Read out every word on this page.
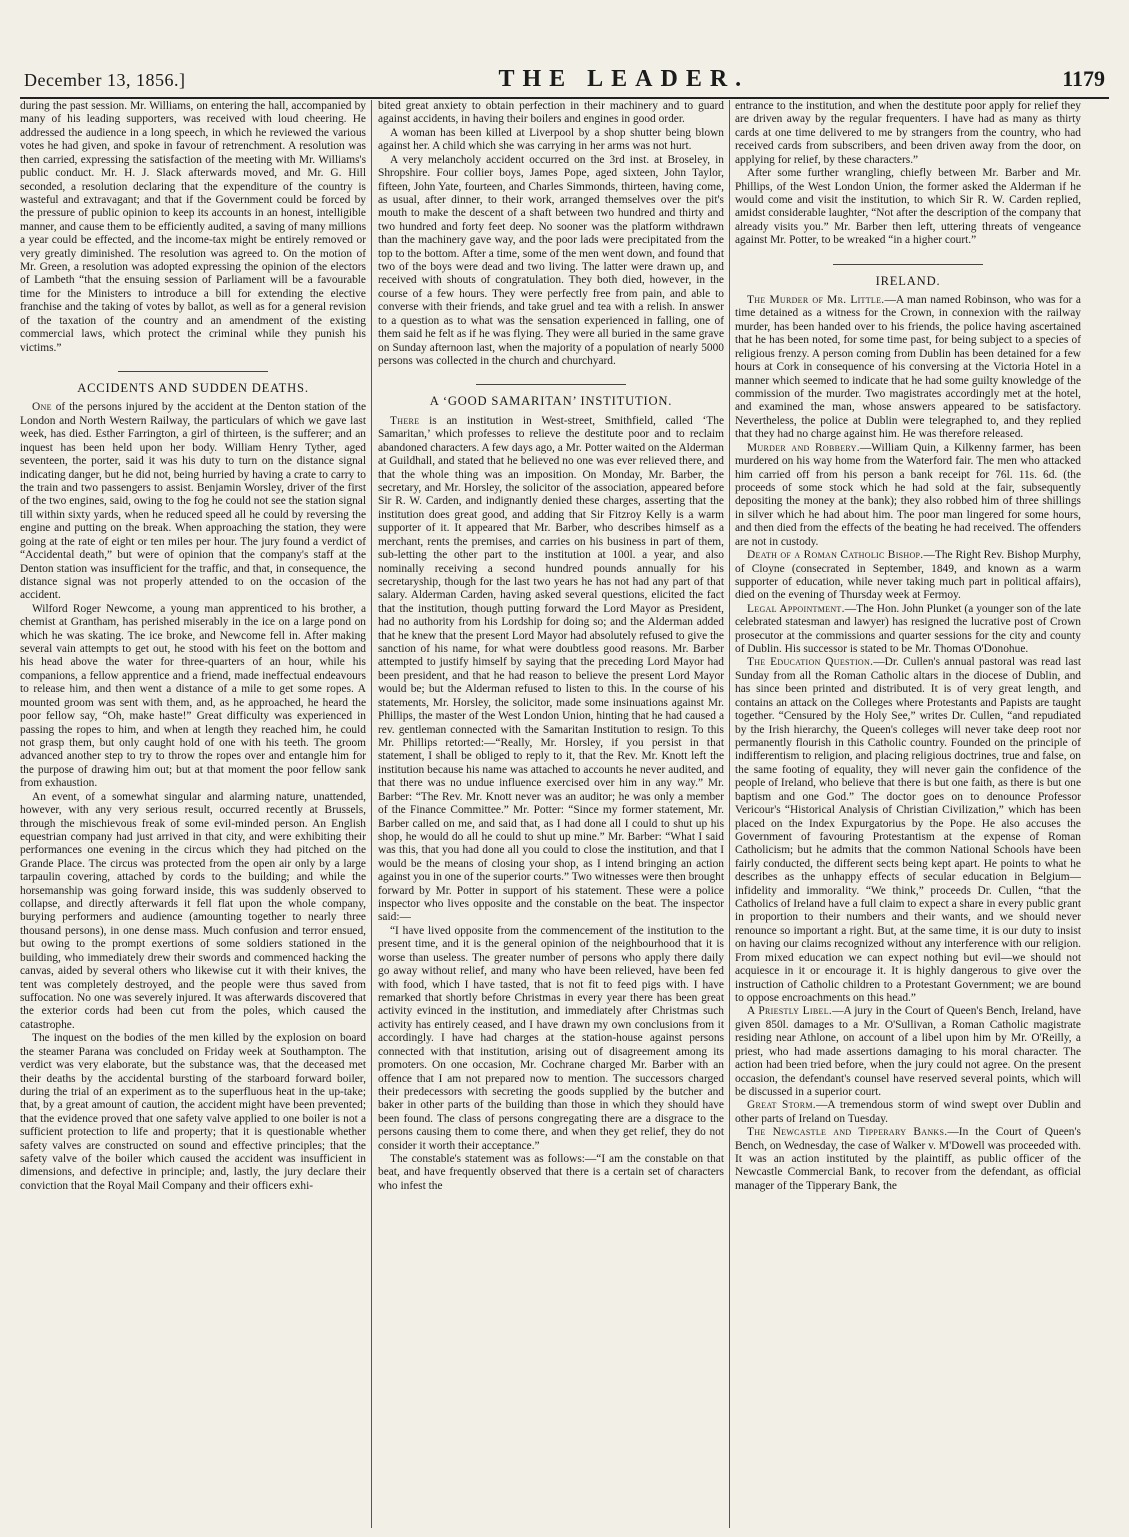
December 13, 1856.]	THE LEADER.	1179

during the past session. Mr. Williams, on entering the hall, accompanied by many of his leading supporters, was received with loud cheering. He addressed the audience in a long speech, in which he reviewed the various votes he had given, and spoke in favour of retrenchment. A resolution was then carried, expressing the satisfaction of the meeting with Mr. Williams's public conduct. Mr. H. J. Slack afterwards moved, and Mr. G. Hill seconded, a resolution declaring that the expenditure of the country is wasteful and extravagant; and that if the Government could be forced by the pressure of public opinion to keep its accounts in an honest, intelligible manner, and cause them to be efficiently audited, a saving of many millions a year could be effected, and the income-tax might be entirely removed or very greatly diminished. The resolution was agreed to. On the motion of Mr. Green, a resolution was adopted expressing the opinion of the electors of Lambeth “that the ensuing session of Parliament will be a favourable time for the Ministers to introduce a bill for extending the elective franchise and the taking of votes by ballot, as well as for a general revision of the taxation of the country and an amendment of the existing commercial laws, which protect the criminal while they punish his victims.”

ACCIDENTS AND SUDDEN DEATHS.

One of the persons injured by the accident at the Denton station of the London and North Western Railway, the particulars of which we gave last week, has died. Esther Farrington, a girl of thirteen, is the sufferer; and an inquest has been held upon her body. William Henry Tyther, aged seventeen, the porter, said it was his duty to turn on the distance signal indicating danger, but he did not, being hurried by having a crate to carry to the train and two passengers to assist. Benjamin Worsley, driver of the first of the two engines, said, owing to the fog he could not see the station signal till within sixty yards, when he reduced speed all he could by reversing the engine and putting on the break. When approaching the station, they were going at the rate of eight or ten miles per hour. The jury found a verdict of “Accidental death,” but were of opinion that the company's staff at the Denton station was insufficient for the traffic, and that, in consequence, the distance signal was not properly attended to on the occasion of the accident.

Wilford Roger Newcome, a young man apprenticed to his brother, a chemist at Grantham, has perished miserably in the ice on a large pond on which he was skating. The ice broke, and Newcome fell in. After making several vain attempts to get out, he stood with his feet on the bottom and his head above the water for three-quarters of an hour, while his companions, a fellow apprentice and a friend, made ineffectual endeavours to release him, and then went a distance of a mile to get some ropes. A mounted groom was sent with them, and, as he approached, he heard the poor fellow say, “Oh, make haste!” Great difficulty was experienced in passing the ropes to him, and when at length they reached him, he could not grasp them, but only caught hold of one with his teeth. The groom advanced another step to try to throw the ropes over and entangle him for the purpose of drawing him out; but at that moment the poor fellow sank from exhaustion.

An event, of a somewhat singular and alarming nature, unattended, however, with any very serious result, occurred recently at Brussels, through the mischievous freak of some evil-minded person. An English equestrian company had just arrived in that city, and were exhibiting their performances one evening in the circus which they had pitched on the Grande Place. The circus was protected from the open air only by a large tarpaulin covering, attached by cords to the building; and while the horsemanship was going forward inside, this was suddenly observed to collapse, and directly afterwards it fell flat upon the whole company, burying performers and audience (amounting together to nearly three thousand persons), in one dense mass. Much confusion and terror ensued, but owing to the prompt exertions of some soldiers stationed in the building, who immediately drew their swords and commenced hacking the canvas, aided by several others who likewise cut it with their knives, the tent was completely destroyed, and the people were thus saved from suffocation. No one was severely injured. It was afterwards discovered that the exterior cords had been cut from the poles, which caused the catastrophe.

The inquest on the bodies of the men killed by the explosion on board the steamer Parana was concluded on Friday week at Southampton. The verdict was very elaborate, but the substance was, that the deceased met their deaths by the accidental bursting of the starboard forward boiler, during the trial of an experiment as to the superfluous heat in the up-take; that, by a great amount of caution, the accident might have been prevented; that the evidence proved that one safety valve applied to one boiler is not a sufficient protection to life and property; that it is questionable whether safety valves are constructed on sound and effective principles; that the safety valve of the boiler which caused the accident was insufficient in dimensions, and defective in principle; and, lastly, the jury declare their conviction that the Royal Mail Company and their officers exhi-

bited great anxiety to obtain perfection in their machinery and to guard against accidents, in having their boilers and engines in good order.

A woman has been killed at Liverpool by a shop shutter being blown against her. A child which she was carrying in her arms was not hurt.

A very melancholy accident occurred on the 3rd inst. at Broseley, in Shropshire. Four collier boys, James Pope, aged sixteen, John Taylor, fifteen, John Yate, fourteen, and Charles Simmonds, thirteen, having come, as usual, after dinner, to their work, arranged themselves over the pit's mouth to make the descent of a shaft between two hundred and thirty and two hundred and forty feet deep. No sooner was the platform withdrawn than the machinery gave way, and the poor lads were precipitated from the top to the bottom. After a time, some of the men went down, and found that two of the boys were dead and two living. The latter were drawn up, and received with shouts of congratulation. They both died, however, in the course of a few hours. They were perfectly free from pain, and able to converse with their friends, and take gruel and tea with a relish. In answer to a question as to what was the sensation experienced in falling, one of them said he felt as if he was flying. They were all buried in the same grave on Sunday afternoon last, when the majority of a population of nearly 5000 persons was collected in the church and churchyard.

A ‘GOOD SAMARITAN’ INSTITUTION.

There is an institution in West-street, Smithfield, called ‘The Samaritan,’ which professes to relieve the destitute poor and to reclaim abandoned characters. A few days ago, a Mr. Potter waited on the Alderman at Guildhall, and stated that he believed no one was ever relieved there, and that the whole thing was an imposition. On Monday, Mr. Barber, the secretary, and Mr. Horsley, the solicitor of the association, appeared before Sir R. W. Carden, and indignantly denied these charges, asserting that the institution does great good, and adding that Sir Fitzroy Kelly is a warm supporter of it. It appeared that Mr. Barber, who describes himself as a merchant, rents the premises, and carries on his business in part of them, sub-letting the other part to the institution at 100l. a year, and also nominally receiving a second hundred pounds annually for his secretaryship, though for the last two years he has not had any part of that salary. Alderman Carden, having asked several questions, elicited the fact that the institution, though putting forward the Lord Mayor as President, had no authority from his Lordship for doing so; and the Alderman added that he knew that the present Lord Mayor had absolutely refused to give the sanction of his name, for what were doubtless good reasons. Mr. Barber attempted to justify himself by saying that the preceding Lord Mayor had been president, and that he had reason to believe the present Lord Mayor would be; but the Alderman refused to listen to this. In the course of his statements, Mr. Horsley, the solicitor, made some insinuations against Mr. Phillips, the master of the West London Union, hinting that he had caused a rev. gentleman connected with the Samaritan Institution to resign. To this Mr. Phillips retorted:—“Really, Mr. Horsley, if you persist in that statement, I shall be obliged to reply to it, that the Rev. Mr. Knott left the institution because his name was attached to accounts he never audited, and that there was no undue influence exercised over him in any way.” Mr. Barber: “The Rev. Mr. Knott never was an auditor; he was only a member of the Finance Committee.” Mr. Potter: “Since my former statement, Mr. Barber called on me, and said that, as I had done all I could to shut up his shop, he would do all he could to shut up mine.” Mr. Barber: “What I said was this, that you had done all you could to close the institution, and that I would be the means of closing your shop, as I intend bringing an action against you in one of the superior courts.” Two witnesses were then brought forward by Mr. Potter in support of his statement. These were a police inspector who lives opposite and the constable on the beat. The inspector said:—

“I have lived opposite from the commencement of the institution to the present time, and it is the general opinion of the neighbourhood that it is worse than useless. The greater number of persons who apply there daily go away without relief, and many who have been relieved, have been fed with food, which I have tasted, that is not fit to feed pigs with. I have remarked that shortly before Christmas in every year there has been great activity evinced in the institution, and immediately after Christmas such activity has entirely ceased, and I have drawn my own conclusions from it accordingly. I have had charges at the station-house against persons connected with that institution, arising out of disagreement among its promoters. On one occasion, Mr. Cochrane charged Mr. Barber with an offence that I am not prepared now to mention. The successors charged their predecessors with secreting the goods supplied by the butcher and baker in other parts of the building than those in which they should have been found. The class of persons congregating there are a disgrace to the persons causing them to come there, and when they get relief, they do not consider it worth their acceptance.”

The constable's statement was as follows:—“I am the constable on that beat, and have frequently observed that there is a certain set of characters who infest the

entrance to the institution, and when the destitute poor apply for relief they are driven away by the regular frequenters. I have had as many as thirty cards at one time delivered to me by strangers from the country, who had received cards from subscribers, and been driven away from the door, on applying for relief, by these characters.”

After some further wrangling, chiefly between Mr. Barber and Mr. Phillips, of the West London Union, the former asked the Alderman if he would come and visit the institution, to which Sir R. W. Carden replied, amidst considerable laughter, “Not after the description of the company that already visits you.” Mr. Barber then left, uttering threats of vengeance against Mr. Potter, to be wreaked “in a higher court.”

IRELAND.

The Murder of Mr. Little.—A man named Robinson, who was for a time detained as a witness for the Crown, in connexion with the railway murder, has been handed over to his friends, the police having ascertained that he has been noted, for some time past, for being subject to a species of religious frenzy. A person coming from Dublin has been detained for a few hours at Cork in consequence of his conversing at the Victoria Hotel in a manner which seemed to indicate that he had some guilty knowledge of the commission of the murder. Two magistrates accordingly met at the hotel, and examined the man, whose answers appeared to be satisfactory. Nevertheless, the police at Dublin were telegraphed to, and they replied that they had no charge against him. He was therefore released.

Murder and Robbery.—William Quin, a Kilkenny farmer, has been murdered on his way home from the Waterford fair. The men who attacked him carried off from his person a bank receipt for 76l. 11s. 6d. (the proceeds of some stock which he had sold at the fair, subsequently depositing the money at the bank); they also robbed him of three shillings in silver which he had about him. The poor man lingered for some hours, and then died from the effects of the beating he had received. The offenders are not in custody.

Death of a Roman Catholic Bishop.—The Right Rev. Bishop Murphy, of Cloyne (consecrated in September, 1849, and known as a warm supporter of education, while never taking much part in political affairs), died on the evening of Thursday week at Fermoy.

Legal Appointment.—The Hon. John Plunket (a younger son of the late celebrated statesman and lawyer) has resigned the lucrative post of Crown prosecutor at the commissions and quarter sessions for the city and county of Dublin. His successor is stated to be Mr. Thomas O'Donohue.

The Education Question.—Dr. Cullen's annual pastoral was read last Sunday from all the Roman Catholic altars in the diocese of Dublin, and has since been printed and distributed. It is of very great length, and contains an attack on the Colleges where Protestants and Papists are taught together. “Censured by the Holy See,” writes Dr. Cullen, “and repudiated by the Irish hierarchy, the Queen's colleges will never take deep root nor permanently flourish in this Catholic country. Founded on the principle of indifferentism to religion, and placing religious doctrines, true and false, on the same footing of equality, they will never gain the confidence of the people of Ireland, who believe that there is but one faith, as there is but one baptism and one God.” The doctor goes on to denounce Professor Vericour's “Historical Analysis of Christian Civilization,” which has been placed on the Index Expurgatorius by the Pope. He also accuses the Government of favouring Protestantism at the expense of Roman Catholicism; but he admits that the common National Schools have been fairly conducted, the different sects being kept apart. He points to what he describes as the unhappy effects of secular education in Belgium—infidelity and immorality. “We think,” proceeds Dr. Cullen, “that the Catholics of Ireland have a full claim to expect a share in every public grant in proportion to their numbers and their wants, and we should never renounce so important a right. But, at the same time, it is our duty to insist on having our claims recognized without any interference with our religion. From mixed education we can expect nothing but evil—we should not acquiesce in it or encourage it. It is highly dangerous to give over the instruction of Catholic children to a Protestant Government; we are bound to oppose encroachments on this head.”

A Priestly Libel.—A jury in the Court of Queen's Bench, Ireland, have given 850l. damages to a Mr. O'Sullivan, a Roman Catholic magistrate residing near Athlone, on account of a libel upon him by Mr. O'Reilly, a priest, who had made assertions damaging to his moral character. The action had been tried before, when the jury could not agree. On the present occasion, the defendant's counsel have reserved several points, which will be discussed in a superior court.

Great Storm.—A tremendous storm of wind swept over Dublin and other parts of Ireland on Tuesday.

The Newcastle and Tipperary Banks.—In the Court of Queen's Bench, on Wednesday, the case of Walker v. M'Dowell was proceeded with. It was an action instituted by the plaintiff, as public officer of the Newcastle Commercial Bank, to recover from the defendant, as official manager of the Tipperary Bank, the
